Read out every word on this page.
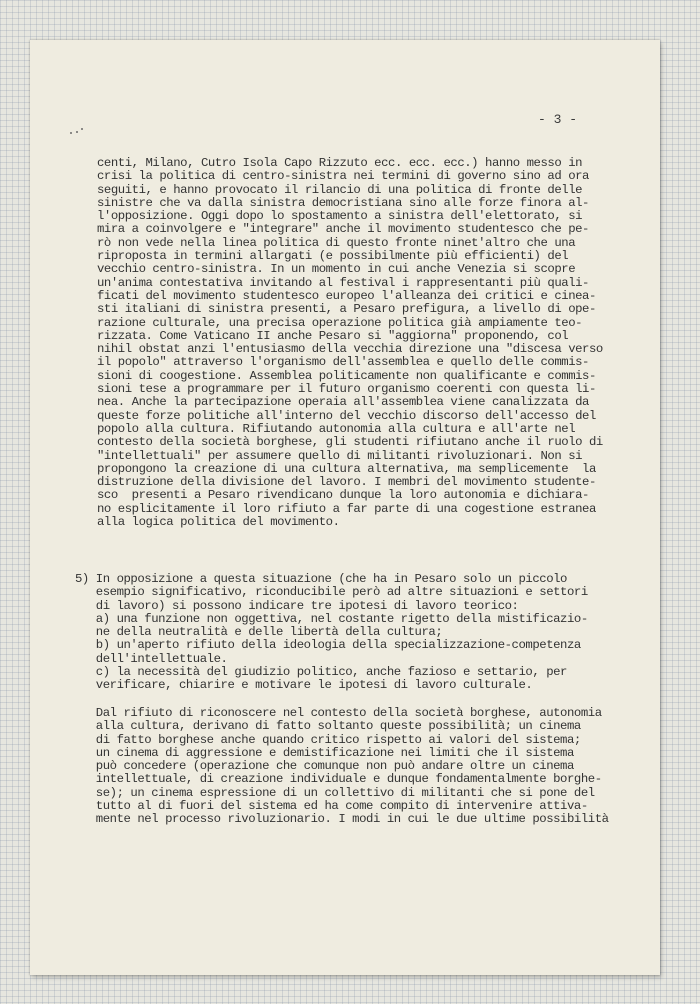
- 3 -
centi, Milano, Cutro Isola Capo Rizzuto ecc. ecc. ecc.) hanno messo in
crisi la politica di centro-sinistra nei termini di governo sino ad ora
seguiti, e hanno provocato il rilancio di una politica di fronte delle
sinistre che va dalla sinistra democristiana sino alle forze finora al-
l'opposizione. Oggi dopo lo spostamento a sinistra dell'elettorato, si
mira a coinvolgere e "integrare" anche il movimento studentesco che pe-
rò non vede nella linea politica di questo fronte ninet'altro che una
riproposta in termini allargati (e possibilmente più efficienti) del
vecchio centro-sinistra. In un momento in cui anche Venezia si scopre
un'anima contestativa invitando al festival i rappresentanti più quali-
ficati del movimento studentesco europeo l'alleanza dei critici e cinea-
sti italiani di sinistra presenti, a Pesaro prefigura, a livello di ope-
razione culturale, una precisa operazione politica già ampiamente teo-
rizzata. Come Vaticano II anche Pesaro si "aggiorna" proponendo, col
nihil obstat anzi l'entusiasmo della vecchia direzione una "discesa verso
il popolo" attraverso l'organismo dell'assemblea e quello delle commis-
sioni di coogestione. Assemblea politicamente non qualificante e commis-
sioni tese a programmare per il futuro organismo coerenti con questa li-
nea. Anche la partecipazione operaia all'assemblea viene canalizzata da
queste forze politiche all'interno del vecchio discorso dell'accesso del
popolo alla cultura. Rifiutando autonomia alla cultura e all'arte nel
contesto della società borghese, gli studenti rifiutano anche il ruolo di
"intellettuali" per assumere quello di militanti rivoluzionari. Non si
propongono la creazione di una cultura alternativa, ma semplicemente  la
distruzione della divisione del lavoro. I membri del movimento studente-
sco  presenti a Pesaro rivendicano dunque la loro autonomia e dichiara-
no esplicitamente il loro rifiuto a far parte di una cogestione estranea
alla logica politica del movimento.
5) In opposizione a questa situazione (che ha in Pesaro solo un piccolo
esempio significativo, riconducibile però ad altre situazioni e settori
di lavoro) si possono indicare tre ipotesi di lavoro teorico:
a) una funzione non oggettiva, nel costante rigetto della mistificazio-
ne della neutralità e delle libertà della cultura;
b) un'aperto rifiuto della ideologia della specializzazione-competenza
dell'intellettuale.
c) la necessità del giudizio politico, anche fazioso e settario, per
verificare, chiarire e motivare le ipotesi di lavoro culturale.
Dal rifiuto di riconoscere nel contesto della società borghese, autonomia
alla cultura, derivano di fatto soltanto queste possibilità; un cinema
di fatto borghese anche quando critico rispetto ai valori del sistema;
un cinema di aggressione e demistificazione nei limiti che il sistema
può concedere (operazione che comunque non può andare oltre un cinema
intellettuale, di creazione individuale e dunque fondamentalmente borghe-
se); un cinema espressione di un collettivo di militanti che si pone del
tutto al di fuori del sistema ed ha come compito di intervenire attiva-
mente nel processo rivoluzionario. I modi in cui le due ultime possibilità
